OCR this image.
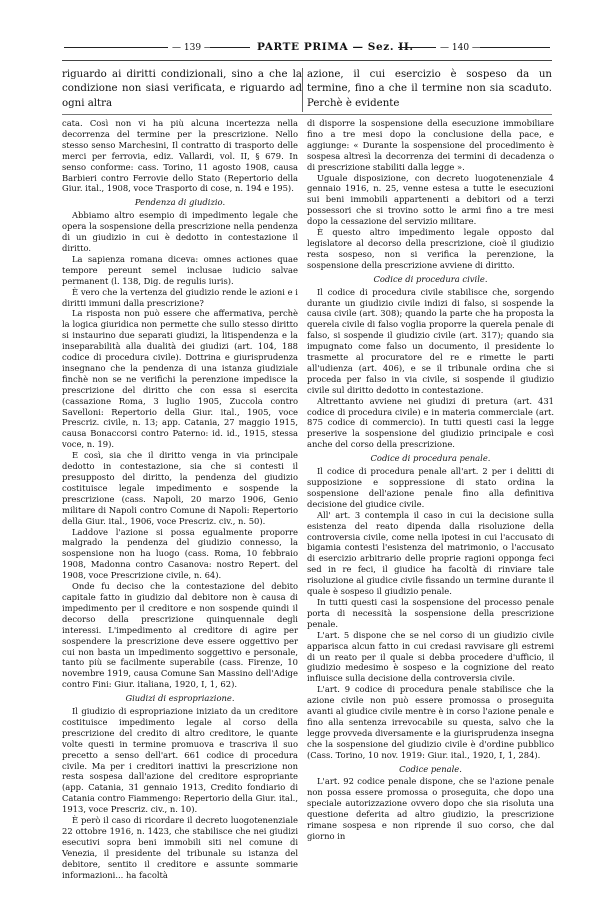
— 139 —	PARTE PRIMA — Sez. II.	— 140 —

riguardo ai diritti condizionali, sino a che la condizione non siasi verificata, e riguardo ad ogni altra

azione, il cui esercizio è sospeso da un termine, fino a che il termine non sia scaduto. Perchè è evidente

cata. Così non vi ha più alcuna incertezza nella decorrenza del termine per la prescrizione. Nello stesso senso Marchesini, Il contratto di trasporto delle merci per ferrovia, ediz. Vallardi, vol. II, § 679. In senso conforme: cass. Torino, 11 agosto 1908, causa Barbieri contro Ferrovie dello Stato (Repertorio della Giur. ital., 1908, voce Trasporto di cose, n. 194 e 195).

Pendenza di giudizio.

Abbiamo altro esempio di impedimento legale che opera la sospensione della prescrizione nella pendenza di un giudizio in cui è dedotto in contestazione il diritto.

La sapienza romana diceva: omnes actiones quae tempore pereunt semel inclusae iudicio salvae permanent (l. 138, Dig. de regulis iuris).

È vero che la vertenza del giudizio rende le azioni e i diritti immuni dalla prescrizione?

La risposta non può essere che affermativa, perchè la logica giuridica non permette che sullo stesso diritto si instaurino due separati giudizi, la litispendenza e la inseparabilità alla dualità dei giudizi (art. 104, 188 codice di procedura civile). Dottrina e giurisprudenza insegnano che la pendenza di una istanza giudiziale finchè non se ne verifichi la perenzione impedisce la prescrizione del diritto che con essa si esercita (cassazione Roma, 3 luglio 1905, Zuccola contro Savelloni: Repertorio della Giur. ital., 1905, voce Prescriz. civile, n. 13; app. Catania, 27 maggio 1915, causa Bonaccorsi contro Paterno: id. id., 1915, stessa voce, n. 19).

E così, sia che il diritto venga in via principale dedotto in contestazione, sia che si contesti il presupposto del diritto, la pendenza del giudizio costituisce legale impedimento e sospende la prescrizione (cass. Napoli, 20 marzo 1906, Genio militare di Napoli contro Comune di Napoli: Repertorio della Giur. ital., 1906, voce Prescriz. civ., n. 50).

Laddove l'azione si possa egualmente proporre malgrado la pendenza del giudizio connesso, la sospensione non ha luogo (cass. Roma, 10 febbraio 1908, Madonna contro Casanova: nostro Repert. del 1908, voce Prescrizione civile, n. 64).

Onde fu deciso che la contestazione del debito capitale fatto in giudizio dal debitore non è causa di impedimento per il creditore e non sospende quindi il decorso della prescrizione quinquennale degli interessi. L'impedimento al creditore di agire per sospendere la prescrizione deve essere oggettivo per cui non basta un impedimento soggettivo e personale, tanto più se facilmente superabile (cass. Firenze, 10 novembre 1919, causa Comune San Massino dell'Adige contro Fini: Giur. italiana, 1920, I, 1, 62).

Giudizi di espropriazione.

Il giudizio di espropriazione iniziato da un creditore costituisce impedimento legale al corso della prescrizione del credito di altro creditore, le quante volte questi in termine promuova e trascriva il suo precetto a senso dell'art. 661 codice di procedura civile. Ma per i creditori inattivi la prescrizione non resta sospesa dall'azione del creditore espropriante (app. Catania, 31 gennaio 1913, Credito fondiario di Catania contro Fiammengo: Repertorio della Giur. ital., 1913, voce Prescriz. civ., n. 10).

È però il caso di ricordare il decreto luogotenenziale 22 ottobre 1916, n. 1423, che stabilisce che nei giudizi esecutivi sopra beni immobili siti nel comune di Venezia, il presidente del tribunale su istanza del debitore, sentito il creditore e assunte sommarie informazioni... ha facoltà

di disporre la sospensione della esecuzione immobiliare fino a tre mesi dopo la conclusione della pace, e aggiunge: « Durante la sospensione del procedimento è sospesa altresì la decorrenza dei termini di decadenza o di prescrizione stabiliti dalla legge ».

Uguale disposizione, con decreto luogotenenziale 4 gennaio 1916, n. 25, venne estesa a tutte le esecuzioni sui beni immobili appartenenti a debitori od a terzi possessori che si trovino sotto le armi fino a tre mesi dopo la cessazione del servizio militare.

È questo altro impedimento legale opposto dal legislatore al decorso della prescrizione, cioè il giudizio resta sospeso, non si verifica la perenzione, la sospensione della prescrizione avviene di diritto.

Codice di procedura civile.

Il codice di procedura civile stabilisce che, sorgendo durante un giudizio civile indizi di falso, si sospende la causa civile (art. 308); quando la parte che ha proposta la querela civile di falso voglia proporre la querela penale di falso, si sospende il giudizio civile (art. 317); quando sia impugnato come falso un documento, il presidente lo trasmette al procuratore del re e rimette le parti all'udienza (art. 406), e se il tribunale ordina che si proceda per falso in via civile, si sospende il giudizio civile sul diritto dedotto in contestazione.

Altrettanto avviene nei giudizi di pretura (art. 431 codice di procedura civile) e in materia commerciale (art. 875 codice di commercio). In tutti questi casi la legge preserive la sospensione del giudizio principale e così anche del corso della prescrizione.

Codice di procedura penale.

Il codice di procedura penale all'art. 2 per i delitti di supposizione e soppressione di stato ordina la sospensione dell'azione penale fino alla definitiva decisione del giudice civile.

All' art. 3 contempla il caso in cui la decisione sulla esistenza del reato dipenda dalla risoluzione della controversia civile, come nella ipotesi in cui l'accusato di bigamia contesti l'esistenza del matrimonio, o l'accusato di esercizio arbitrario delle proprie ragioni opponga feci sed in re feci, il giudice ha facoltà di rinviare tale risoluzione al giudice civile fissando un termine durante il quale è sospeso il giudizio penale.

In tutti questi casi la sospensione del processo penale porta di necessità la sospensione della prescrizione penale.

L'art. 5 dispone che se nel corso di un giudizio civile apparisca alcun fatto in cui credasi ravvisare gli estremi di un reato per il quale si debba procedere d'ufficio, il giudizio medesimo è sospeso e la cognizione del reato influisce sulla decisione della controversia civile.

L'art. 9 codice di procedura penale stabilisce che la azione civile non può essere promossa o proseguita avanti al giudice civile mentre è in corso l'azione penale e fino alla sentenza irrevocabile su questa, salvo che la legge provveda diversamente e la giurisprudenza insegna che la sospensione del giudizio civile è d'ordine pubblico (Cass. Torino, 10 nov. 1919: Giur. ital., 1920, I, 1, 284).

Codice penale.

L'art. 92 codice penale dispone, che se l'azione penale non possa essere promossa o proseguita, che dopo una speciale autorizzazione ovvero dopo che sia risoluta una questione deferita ad altro giudizio, la prescrizione rimane sospesa e non riprende il suo corso, che dal giorno in
